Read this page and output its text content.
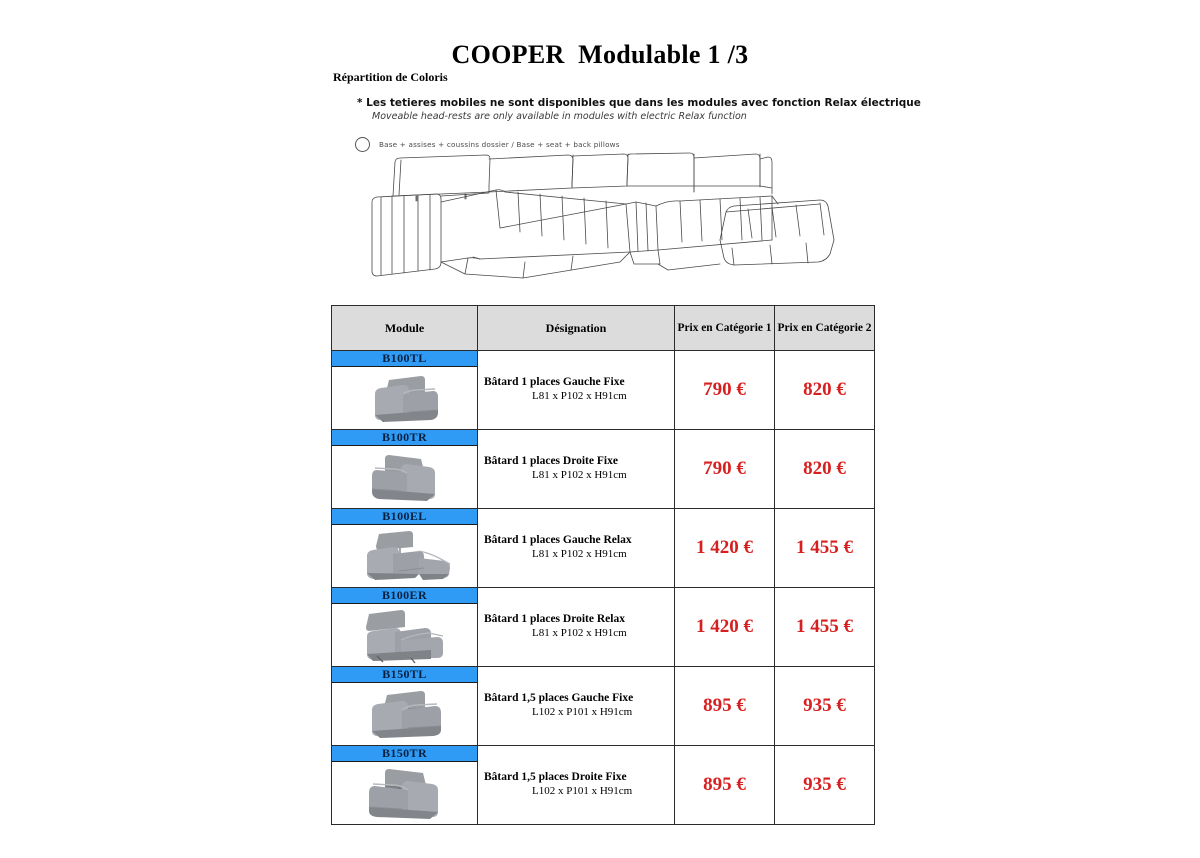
COOPER  Modulable 1 /3
Répartition de Coloris
* Les tetieres mobiles ne sont disponibles que dans les modules avec fonction Relax électrique
Moveable head-rests are only available in modules with electric Relax function
Base + assises + coussins dossier / Base + seat + back pillows
Module	Désignation	Prix en Catégorie 1	Prix en Catégorie 2

B100TL	Bâtard 1 places Gauche Fixe
L81 x P102 x H91cm	790 €	820 €

B100TR	Bâtard 1 places Droite Fixe
L81 x P102 x H91cm	790 €	820 €

B100EL	Bâtard 1 places Gauche Relax
L81 x P102 x H91cm	1 420 €	1 455 €

B100ER	Bâtard 1 places Droite Relax
L81 x P102 x H91cm	1 420 €	1 455 €

B150TL	Bâtard 1,5 places Gauche Fixe
L102 x P101 x H91cm	895 €	935 €

B150TR	Bâtard 1,5 places Droite Fixe
L102 x P101 x H91cm	895 €	935 €
